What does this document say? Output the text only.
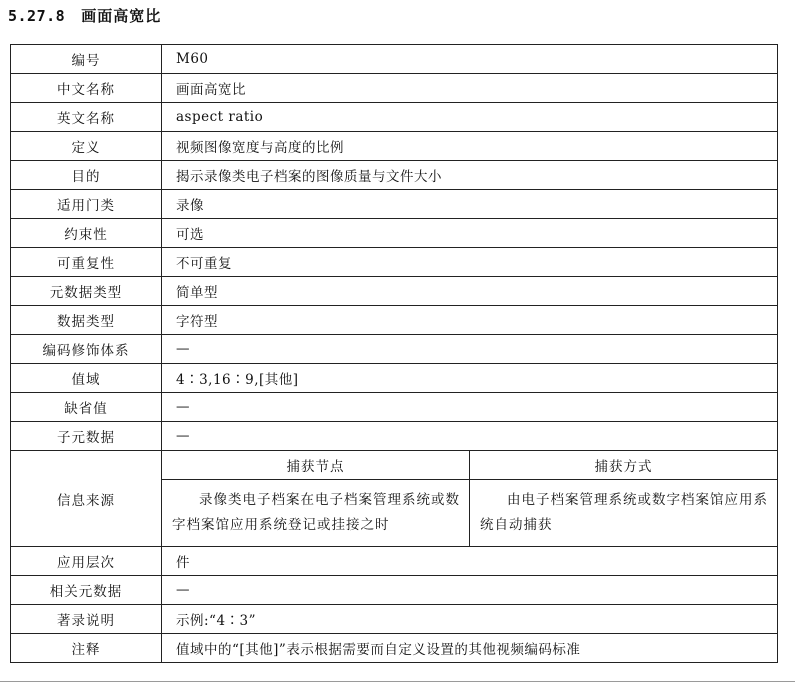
5.27.8 画面高宽比
编号	M60
中文名称	画面高宽比
英文名称	aspect ratio
定义	视频图像宽度与高度的比例
目的	揭示录像类电子档案的图像质量与文件大小
适用门类	录像
约束性	可选
可重复性	不可重复
元数据类型	简单型
数据类型	字符型
编码修饰体系	—
值域	4∶3,16∶9,[其他]
缺省值	—
子元数据	—
信息来源	
捕获节点	捕获方式
录像类电子档案在电子档案管理系统或数字档案馆应用系统登记或挂接之时	由电子档案管理系统或数字档案馆应用系统自动捕获

应用层次	件
相关元数据	—
著录说明	示例:“4∶3”
注释	值域中的“[其他]”表示根据需要而自定义设置的其他视频编码标准
